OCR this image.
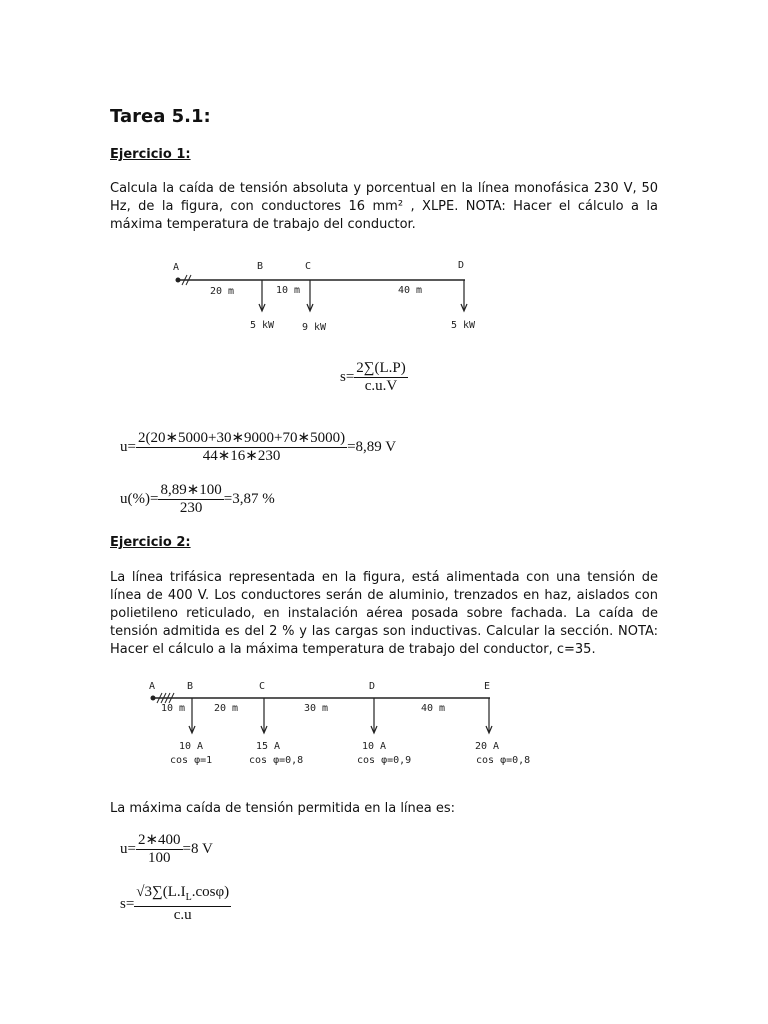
Tarea 5.1:
Ejercicio 1:
Calcula la caída de tensión absoluta y porcentual en la línea monofásica 230 V, 50 Hz, de la figura, con conductores 16 mm² , XLPE. NOTA: Hacer el cálculo a la máxima temperatura de trabajo del conductor.
A	B	C	D
20 m	10 m	40 m
5 kW	9 kW	5 kW
$s= \frac{2\sum(L.P)}{c.u.V}$
$u= \frac{2(20∗5000+30∗9000+70∗5000)}{44∗16∗230} =8,89$ V
$u(\%)= \frac{8,89∗100}{230} =3,87$ %
Ejercicio 2:
La línea trifásica representada en la figura, está alimentada con una tensión de línea de 400 V. Los conductores serán de aluminio, trenzados en haz, aislados con polietileno reticulado, en instalación aérea posada sobre fachada. La caída de tensión admitida es del 2 % y las cargas son inductivas. Calcular la sección. NOTA: Hacer el cálculo a la máxima temperatura de trabajo del conductor, c=35.
A	B	C	D	E
10 m	20 m	30 m	40 m
10 A	15 A	10 A	20 A
cos φ=1	cos φ=0,8	cos φ=0,9	cos φ=0,8
La máxima caída de tensión permitida en la línea es:
$u= \frac{2∗400}{100} =8$ V
$s= \frac{√3\sum(L.I_L.\cos\varphi)}{c.u}$
